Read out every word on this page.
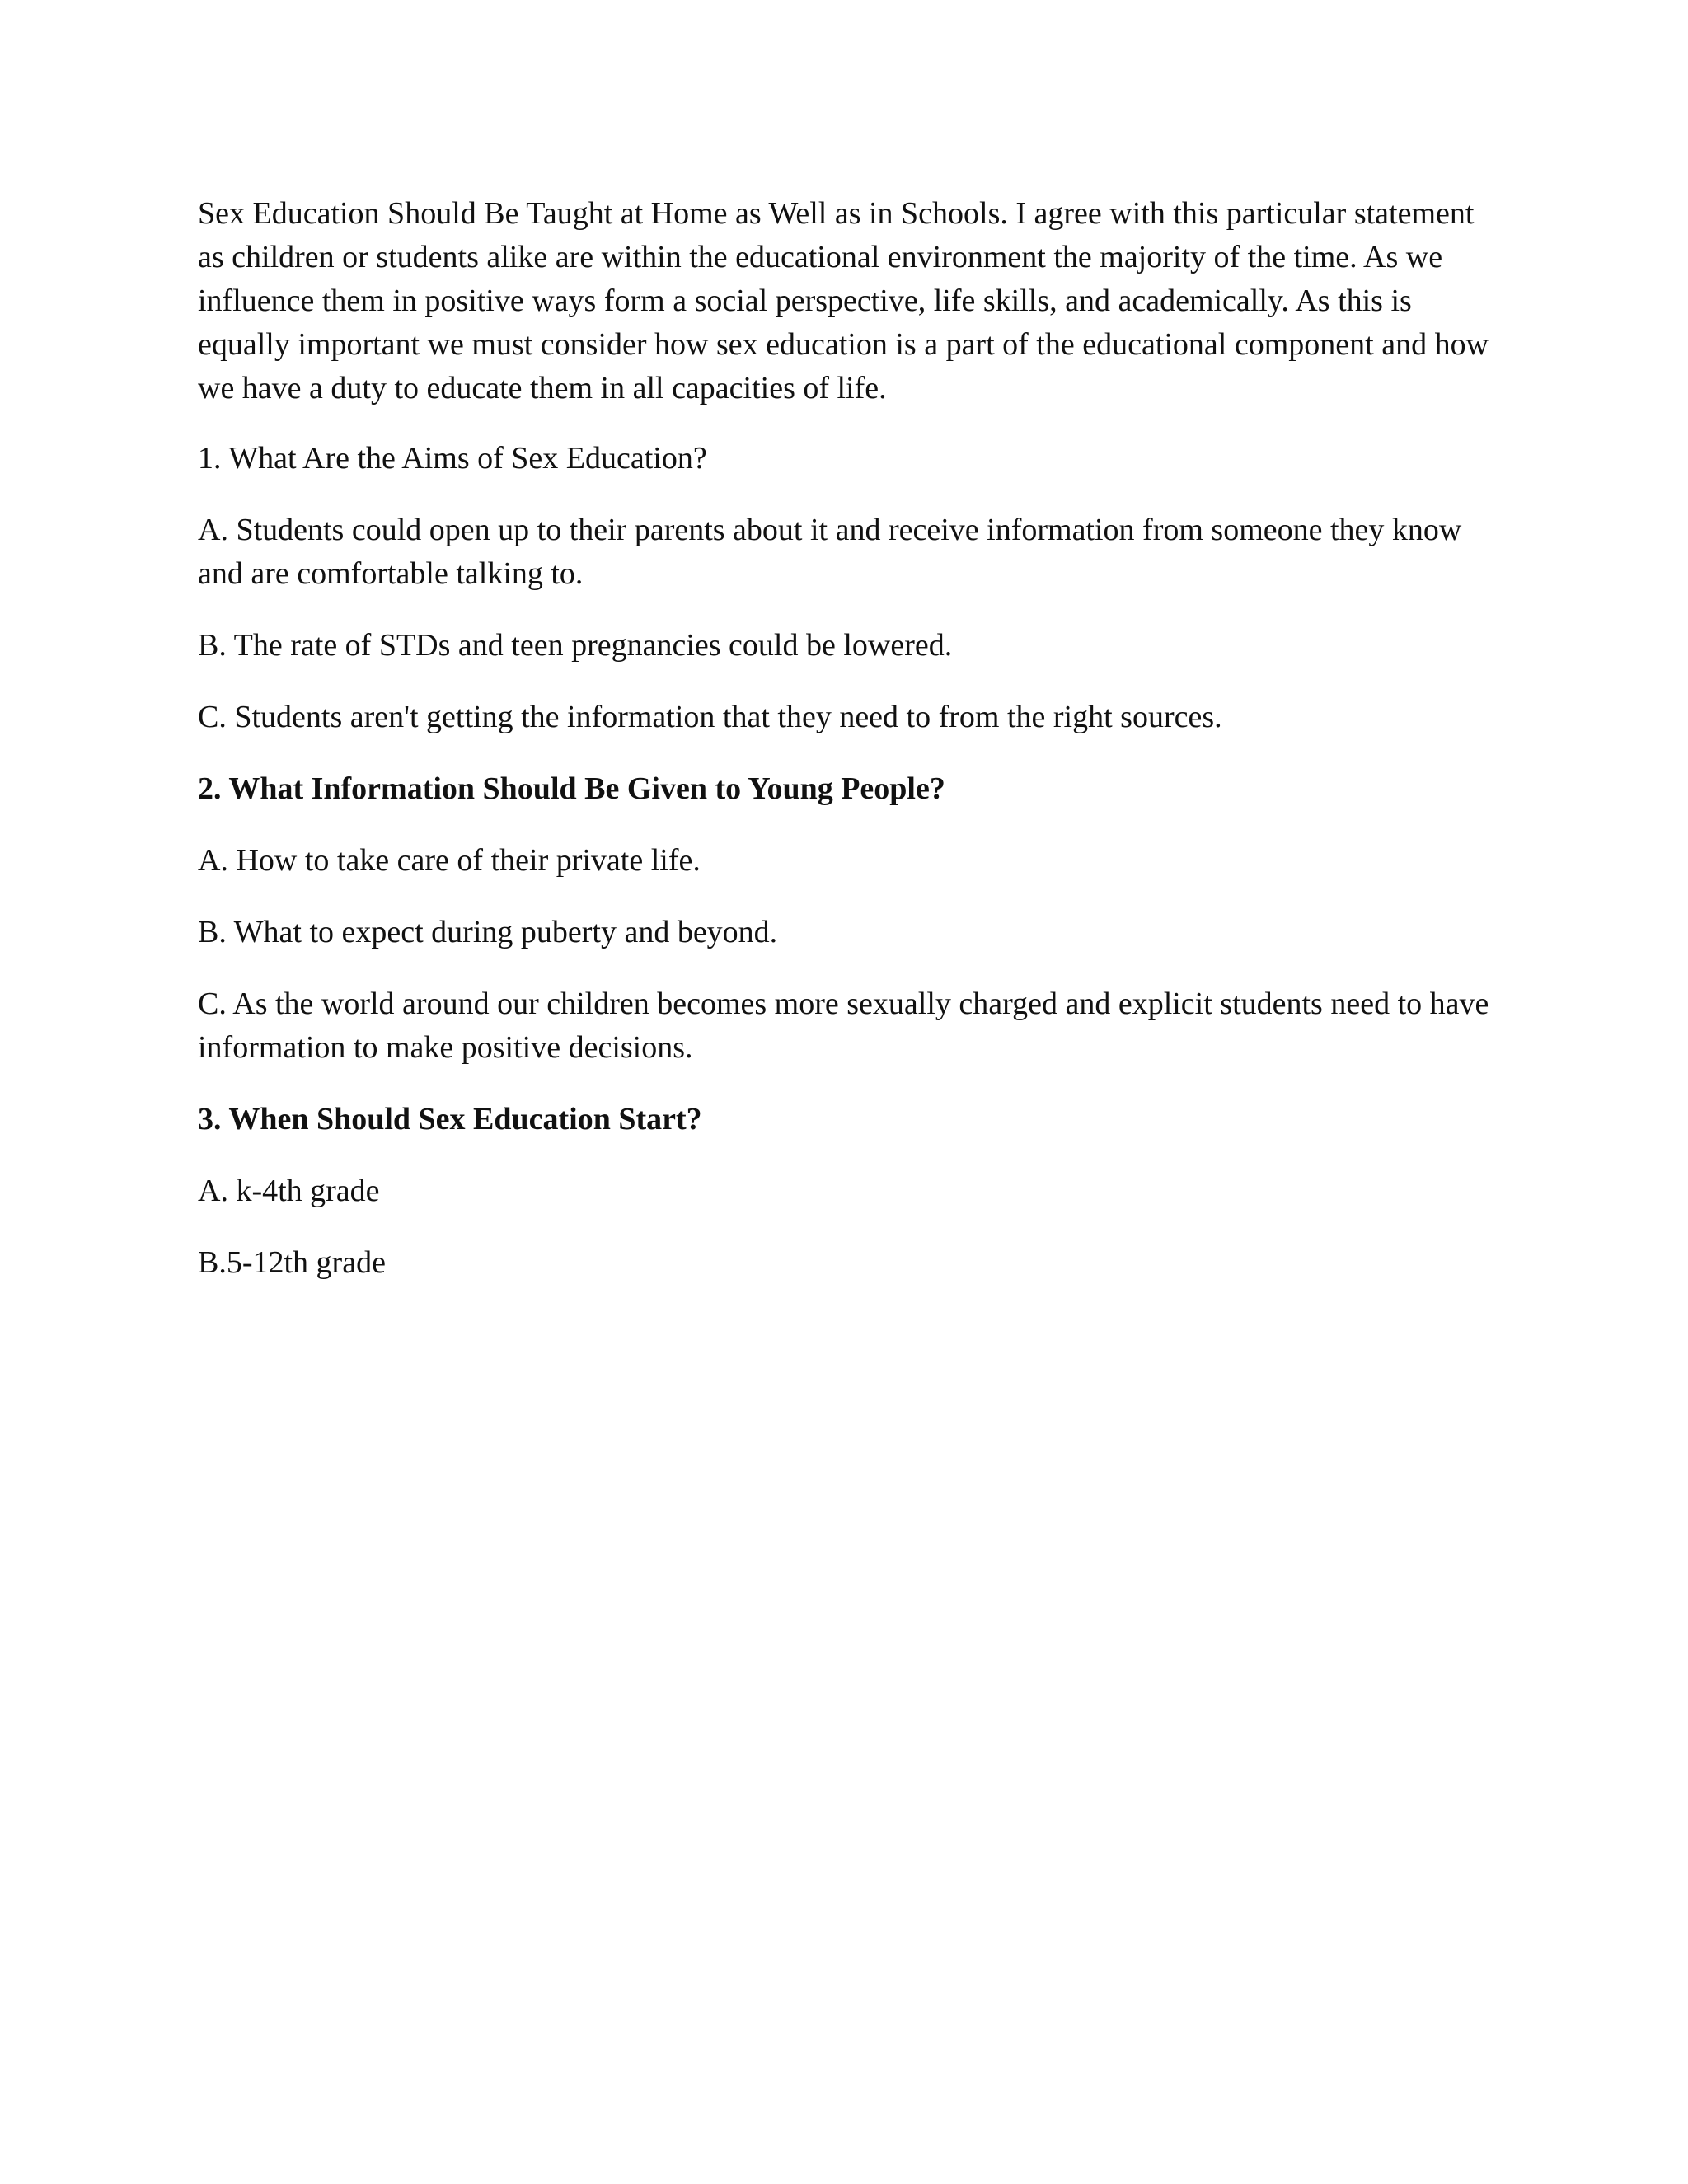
Sex Education Should Be Taught at Home as Well as in Schools. I agree with this particular statement as children or students alike are within the educational environment the majority of the time. As we influence them in positive ways form a social perspective, life skills, and academically. As this is equally important we must consider how sex education is a part of the educational component and how we have a duty to educate them in all capacities of life.

1. What Are the Aims of Sex Education?

A. Students could open up to their parents about it and receive information from someone they know and are comfortable talking to.

B. The rate of STDs and teen pregnancies could be lowered.

C. Students aren't getting the information that they need to from the right sources.

2. What Information Should Be Given to Young People?

A. How to take care of their private life.

B. What to expect during puberty and beyond.

C. As the world around our children becomes more sexually charged and explicit students need to have information to make positive decisions.

3. When Should Sex Education Start?

A. k-4th grade

B.5-12th grade
